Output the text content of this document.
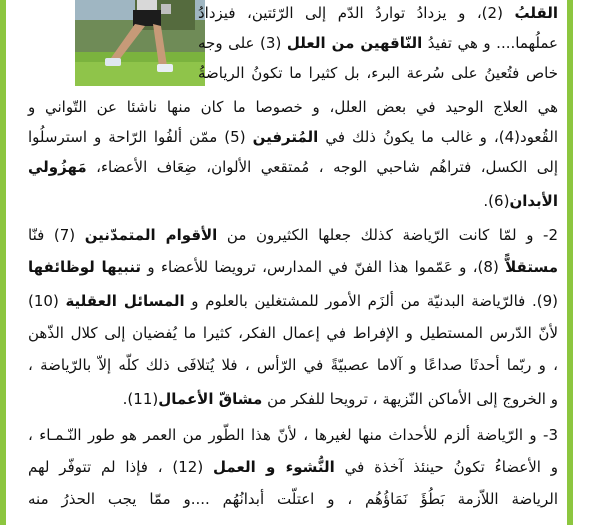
القلبُ (2)، و يزدادُ تواردُ الدّم إلى الرّئتين، فيزدادُ
عملُهما.... و هي تفيدُ النّاقهين من العلل (3) على وجه
خاص فتُعينُ على سُرعة البرء، بل كثيرا ما تكونُ الرياضةُ
هي العلاج الوحيد في بعض العلل، و خصوصا ما كان منها ناشئا عن التّواني و
القُعود(4)، و غالب ما يكونُ ذلك في المُترفين (5) ممّن ألفُوا الرّاحة و استرسلُوا
إلى الكسل، فتراهُم شاحبي الوجه ، مُمتقعي الألوان، ضِعَاف الأعضاء، مَهزُولي
الأبدان(6).
2- و لمّا كانت الرّياضة كذلك جعلها الكثيرون من الأقوام المتمدّنين (7) فنّا
مستقلاًّ (8)، و عَمّموا هذا الفنّ في المدارس، ترويضا للأعضاء و تنبيها لوظائفها
(9). فالرّياضة البدنيّة من ألزَم الأمور للمشتغلين بالعلوم و المسائل العقلية (10)
لأنّ الدّرس المستطيل و الإفراط في إعمال الفكر، كثيرا ما يُفضيان إلى كلال الذّهن
، و ربّما أحدثَا صداعًا و آلاما عصبيّةً في الرّأس ، فلا يُتلافَى ذلك كلّه إلاّ بالرّياضة ،
و الخروج إلى الأماكن النّزيهة ، ترويحا للفكر من مشاقّ الأعمال(11).
3- و الرّياضة ألزم للأحداث منها لغيرها ، لأنّ هذا الطّور من العمر هو طور النّـمـاء ،
و الأعضاءُ تكونُ حينئذ آخذة في النُّشوء و العمل (12) ، فإذا لم تتوفّر لهم
الرياضة اللاّزمة بَطُؤَ نَمَاؤُهُم ، و اعتلّت أبدانُهُم ....و ممّا يجب الحذرُ منه
